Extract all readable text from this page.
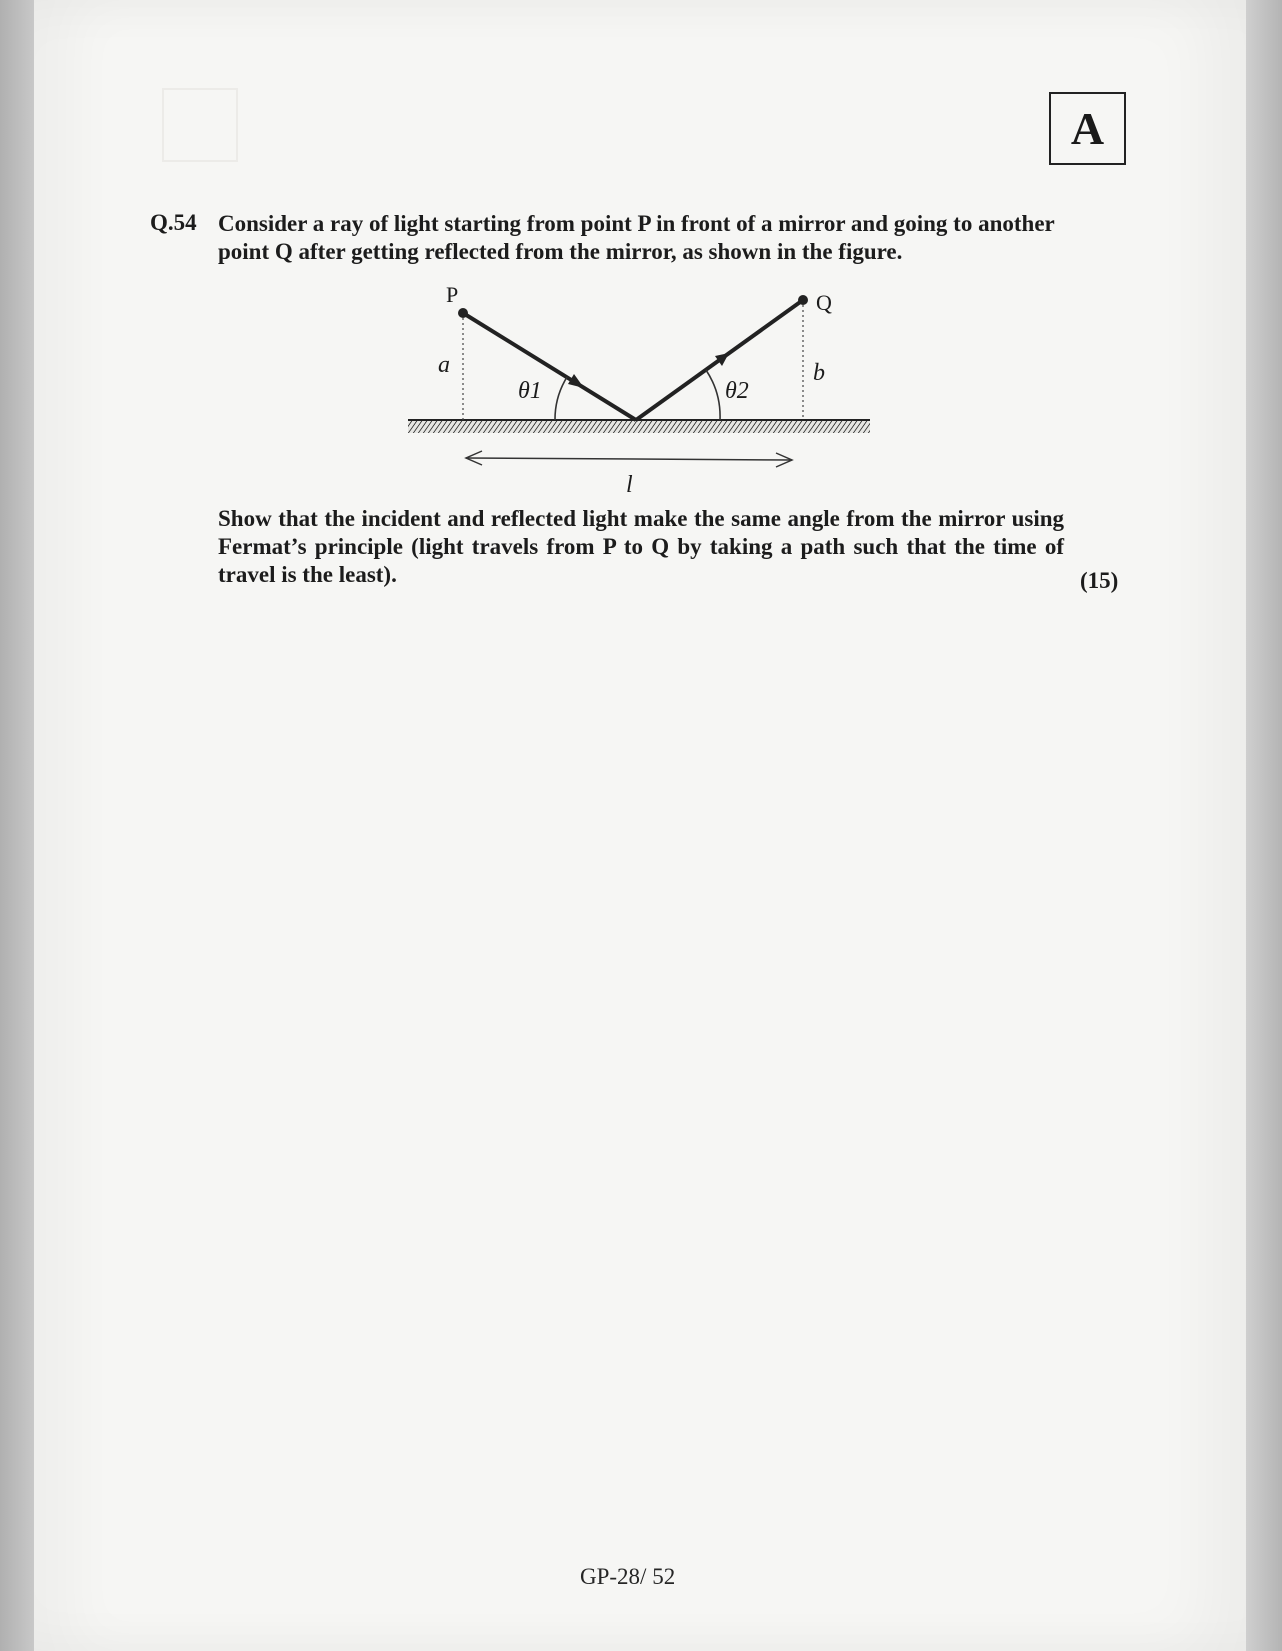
A
Q.54 Consider a ray of light starting from point P in front of a mirror and going to another point Q after getting reflected from the mirror, as shown in the figure.
P	Q
a	b
θ1	θ2
l
Show that the incident and reflected light make the same angle from the mirror using Fermat’s principle (light travels from P to Q by taking a path such that the time of travel is the least).	(15)
GP-28/ 52
